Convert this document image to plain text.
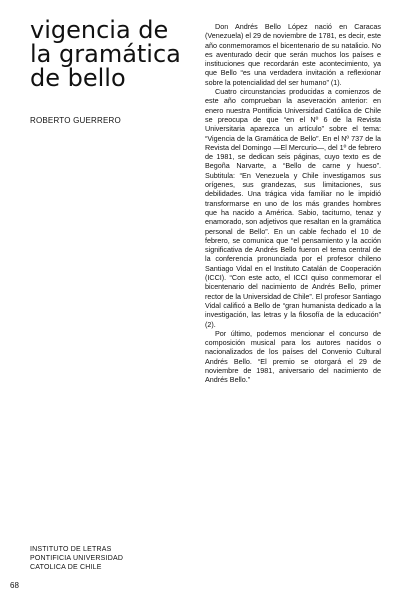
vigencia de
la gramática
de bello

ROBERTO GUERRERO

Don Andrés Bello López nació en Caracas (Venezuela) el 29 de noviembre de 1781, es decir, este año conmemoramos el bicentenario de su natalicio. No es aventurado decir que serán muchos los países e instituciones que recordarán este acontecimiento, ya que Bello “es una verdadera invitación a reflexionar sobre la potencialidad del ser humano” (1).

Cuatro circunstancias producidas a comienzos de este año comprueban la aseveración anterior: en enero nuestra Pontificia Universidad Católica de Chile se preocupa de que “en el Nº 6 de la Revista Universitaria aparezca un artículo” sobre el tema: “Vigencia de la Gramática de Bello”. En el Nº 737 de la Revista del Domingo —El Mercurio—, del 1º de febrero de 1981, se dedican seis páginas, cuyo texto es de Begoña Narvarte, a “Bello de carne y hueso”. Subtitula: “En Venezuela y Chile investigamos sus orígenes, sus grandezas, sus limitaciones, sus debilidades. Una trágica vida familiar no le impidió transformarse en uno de los más grandes hombres que ha nacido a América. Sabio, taciturno, tenaz y enamorado, son adjetivos que resaltan en la gramática personal de Bello”. En un cable fechado el 10 de febrero, se comunica que “el pensamiento y la acción significativa de Andrés Bello fueron el tema central de la conferencia pronunciada por el profesor chileno Santiago Vidal en el Instituto Catalán de Cooperación (ICCI). “Con este acto, el ICCI quiso conmemorar el bicentenario del nacimiento de Andrés Bello, primer rector de la Universidad de Chile”. El profesor Santiago Vidal calificó a Bello de “gran humanista dedicado a la investigación, las letras y la filosofía de la educación” (2).

Por último, podemos mencionar el concurso de composición musical para los autores nacidos o nacionalizados de los países del Convenio Cultural Andrés Bello. “El premio se otorgará el 29 de noviembre de 1981, aniversario del nacimiento de Andrés Bello.”

INSTITUTO DE LETRAS
PONTIFICIA UNIVERSIDAD
CATOLICA DE CHILE

68
